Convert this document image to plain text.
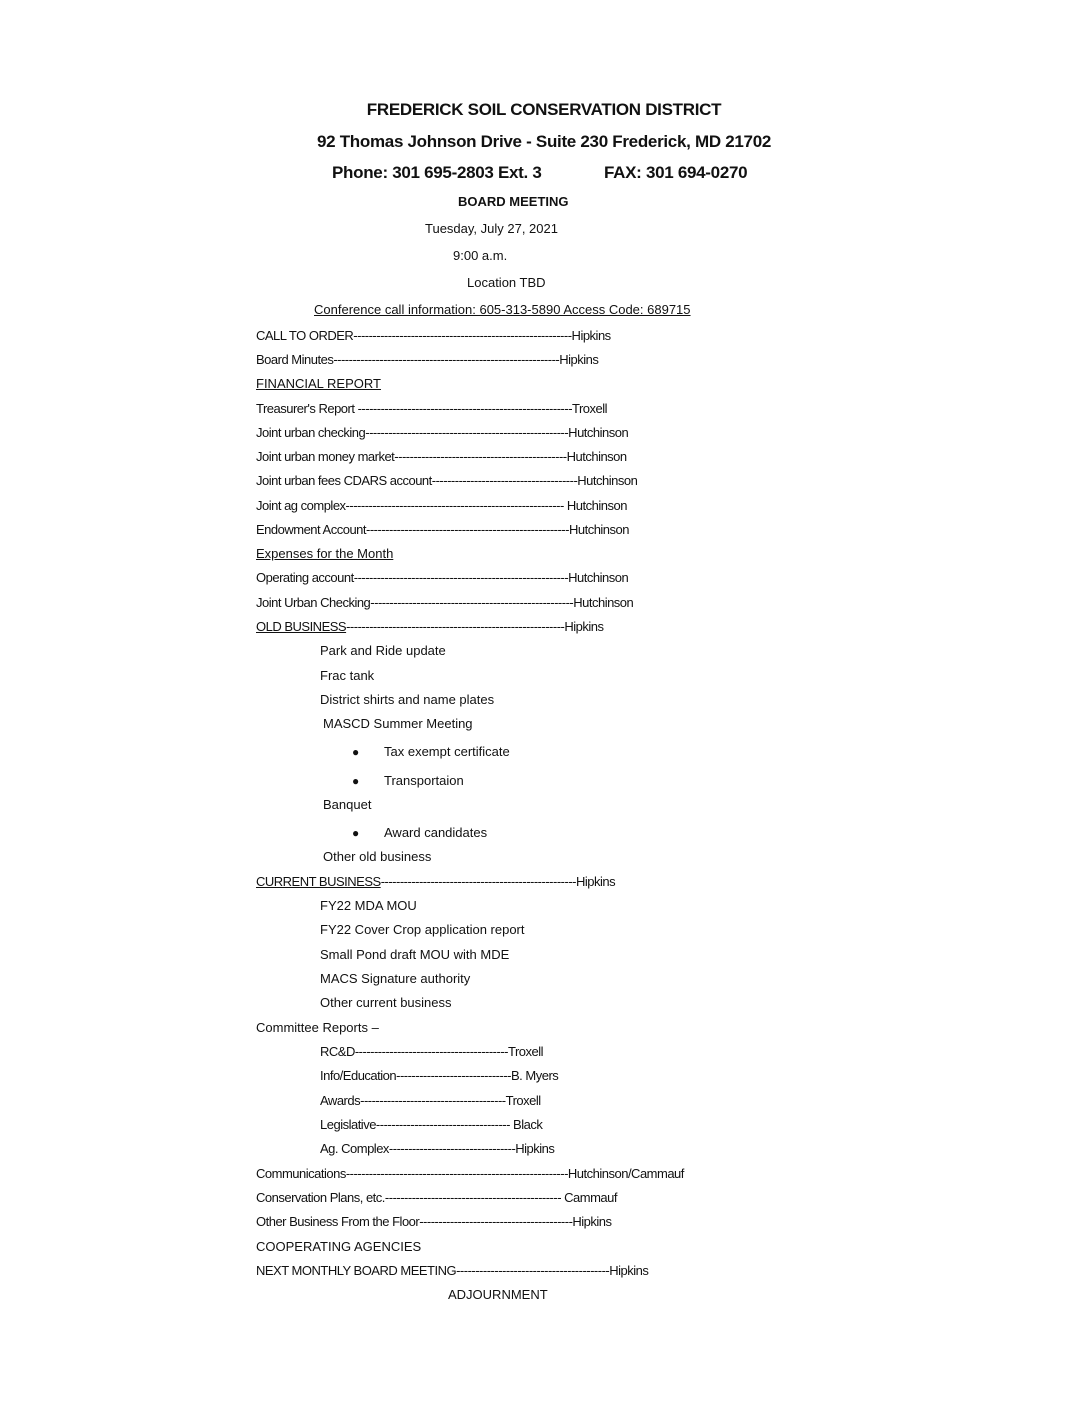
FREDERICK SOIL CONSERVATION DISTRICT
92 Thomas Johnson Drive - Suite 230 Frederick, MD 21702
Phone: 301 695-2803 Ext. 3	FAX: 301 694-0270
BOARD MEETING
Tuesday, July 27, 2021
9:00 a.m.
Location TBD
Conference call information: 605-313-5890 Access Code: 689715
CALL TO ORDER---------------------------------------------------------Hipkins
Board Minutes-----------------------------------------------------------Hipkins
FINANCIAL REPORT
Treasurer's Report --------------------------------------------------------Troxell
Joint urban checking-----------------------------------------------------Hutchinson
Joint urban money market---------------------------------------------Hutchinson
Joint urban fees CDARS account--------------------------------------Hutchinson
Joint ag complex--------------------------------------------------------- Hutchinson
Endowment Account-----------------------------------------------------Hutchinson
Expenses for the Month
Operating account--------------------------------------------------------Hutchinson
Joint Urban Checking-----------------------------------------------------Hutchinson
OLD BUSINESS---------------------------------------------------------Hipkins
Park and Ride update
Frac tank
District shirts and name plates
MASCD Summer Meeting
● Tax exempt certificate
● Transportaion
Banquet
● Award candidates
Other old business
CURRENT BUSINESS---------------------------------------------------Hipkins
FY22 MDA MOU
FY22 Cover Crop application report
Small Pond draft MOU with MDE
MACS Signature authority
Other current business
Committee Reports –
RC&D----------------------------------------Troxell
Info/Education------------------------------B. Myers
Awards--------------------------------------Troxell
Legislative----------------------------------- Black
Ag. Complex---------------------------------Hipkins
Communications----------------------------------------------------------Hutchinson/Cammauf
Conservation Plans, etc.---------------------------------------------- Cammauf
Other Business From the Floor----------------------------------------Hipkins
COOPERATING AGENCIES
NEXT MONTHLY BOARD MEETING----------------------------------------Hipkins
ADJOURNMENT
